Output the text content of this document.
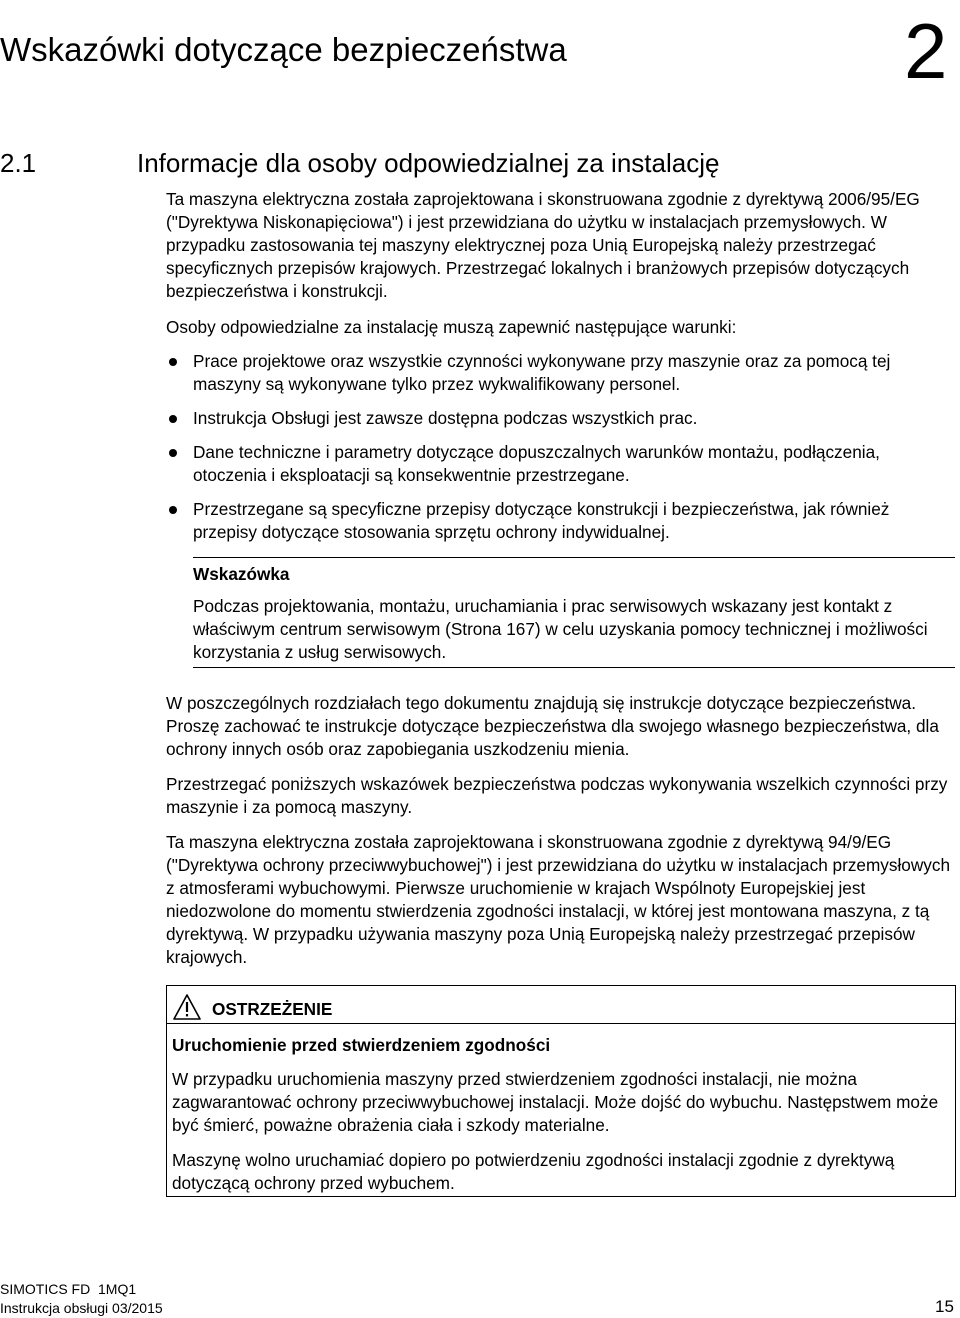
Wskazówki dotyczące bezpieczeństwa	2
2.1	Informacje dla osoby odpowiedzialnej za instalację

Ta maszyna elektryczna została zaprojektowana i skonstruowana zgodnie z dyrektywą 2006/95/EG ("Dyrektywa Niskonapięciowa") i jest przewidziana do użytku w instalacjach przemysłowych. W przypadku zastosowania tej maszyny elektrycznej poza Unią Europejską należy przestrzegać specyficznych przepisów krajowych. Przestrzegać lokalnych i branżowych przepisów dotyczących bezpieczeństwa i konstrukcji.

Osoby odpowiedzialne za instalację muszą zapewnić następujące warunki:

Prace projektowe oraz wszystkie czynności wykonywane przy maszynie oraz za pomocą tej maszyny są wykonywane tylko przez wykwalifikowany personel.
Instrukcja Obsługi jest zawsze dostępna podczas wszystkich prac.
Dane techniczne i parametry dotyczące dopuszczalnych warunków montażu, podłączenia, otoczenia i eksploatacji są konsekwentnie przestrzegane.
Przestrzegane są specyficzne przepisy dotyczące konstrukcji i bezpieczeństwa, jak również przepisy dotyczące stosowania sprzętu ochrony indywidualnej.
Wskazówka

Podczas projektowania, montażu, uruchamiania i prac serwisowych wskazany jest kontakt z właściwym centrum serwisowym (Strona 167) w celu uzyskania pomocy technicznej i możliwości korzystania z usług serwisowych.

W poszczególnych rozdziałach tego dokumentu znajdują się instrukcje dotyczące bezpieczeństwa. Proszę zachować te instrukcje dotyczące bezpieczeństwa dla swojego własnego bezpieczeństwa, dla ochrony innych osób oraz zapobiegania uszkodzeniu mienia.

Przestrzegać poniższych wskazówek bezpieczeństwa podczas wykonywania wszelkich czynności przy maszynie i za pomocą maszyny.

Ta maszyna elektryczna została zaprojektowana i skonstruowana zgodnie z dyrektywą 94/9/EG ("Dyrektywa ochrony przeciwwybuchowej") i jest przewidziana do użytku w instalacjach przemysłowych z atmosferami wybuchowymi. Pierwsze uruchomienie w krajach Wspólnoty Europejskiej jest niedozwolone do momentu stwierdzenia zgodności instalacji, w której jest montowana maszyna, z tą dyrektywą. W przypadku używania maszyny poza Unią Europejską należy przestrzegać przepisów krajowych.

OSTRZEŻENIE
Uruchomienie przed stwierdzeniem zgodności

W przypadku uruchomienia maszyny przed stwierdzeniem zgodności instalacji, nie można zagwarantować ochrony przeciwwybuchowej instalacji. Może dojść do wybuchu. Następstwem może być śmierć, poważne obrażenia ciała i szkody materialne.

Maszynę wolno uruchamiać dopiero po potwierdzeniu zgodności instalacji zgodnie z dyrektywą dotyczącą ochrony przed wybuchem.

SIMOTICS FD  1MQ1
Instrukcja obsługi 03/2015	15
